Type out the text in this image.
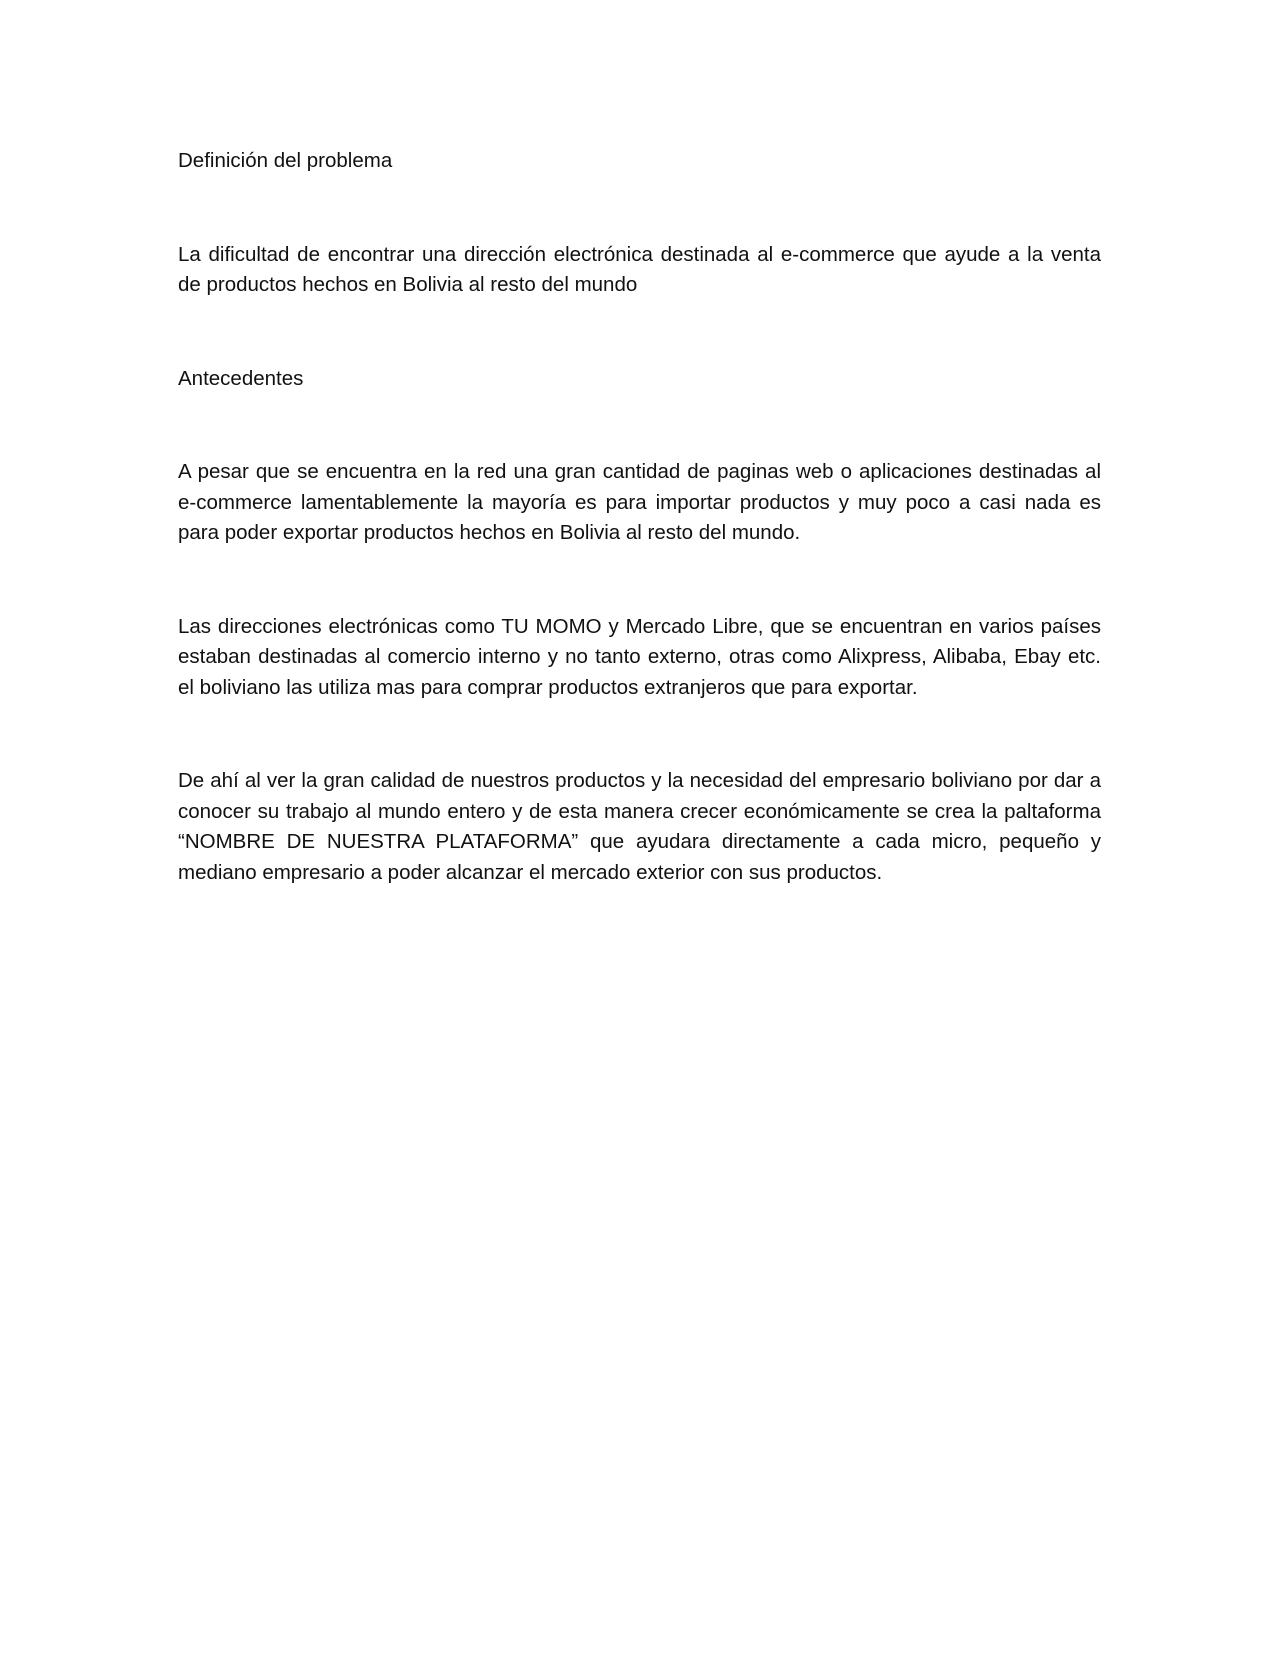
Definición del problema

La dificultad de encontrar una dirección electrónica destinada al e-commerce que ayude a la venta de productos hechos en Bolivia al resto del mundo

Antecedentes

A pesar que se encuentra en la red una gran cantidad de paginas web o aplicaciones destinadas al e-commerce lamentablemente la mayoría es para importar productos y muy poco a casi nada es para poder exportar productos hechos en Bolivia al resto del mundo.

Las direcciones electrónicas como TU MOMO y Mercado Libre, que se encuentran en varios países estaban destinadas al comercio interno y no tanto externo, otras como Alixpress, Alibaba, Ebay etc. el boliviano las utiliza mas para comprar productos extranjeros que para exportar.

De ahí al ver la gran calidad de nuestros productos y la necesidad del empresario boliviano por dar a conocer su trabajo al mundo entero y de esta manera crecer económicamente se crea la paltaforma “NOMBRE DE NUESTRA PLATAFORMA” que ayudara directamente a cada micro, pequeño y mediano empresario a poder alcanzar el mercado exterior con sus productos.
